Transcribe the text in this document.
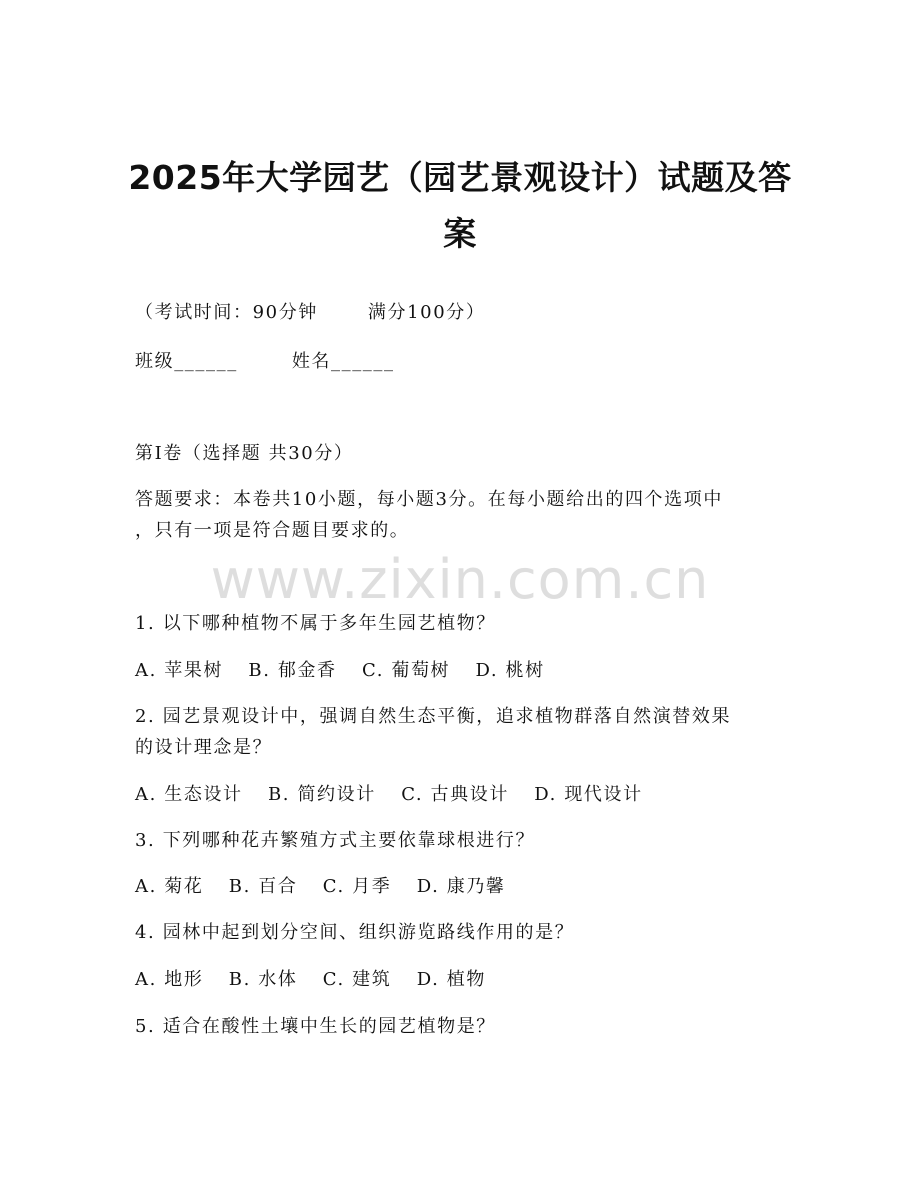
2025年大学园艺（园艺景观设计）试题及答
案
（考试时间：90分钟	满分100分）
班级______	姓名______
第I卷（选择题 共30分）
答题要求：本卷共10小题，每小题3分。在每小题给出的四个选项中
，只有一项是符合题目要求的。
www.zixin.com.cn
1. 以下哪种植物不属于多年生园艺植物？
A. 苹果树 B. 郁金香 C. 葡萄树 D. 桃树
2. 园艺景观设计中，强调自然生态平衡，追求植物群落自然演替效果
的设计理念是？
A. 生态设计 B. 简约设计 C. 古典设计 D. 现代设计
3. 下列哪种花卉繁殖方式主要依靠球根进行？
A. 菊花 B. 百合 C. 月季 D. 康乃馨
4. 园林中起到划分空间、组织游览路线作用的是？
A. 地形 B. 水体 C. 建筑 D. 植物
5. 适合在酸性土壤中生长的园艺植物是？
